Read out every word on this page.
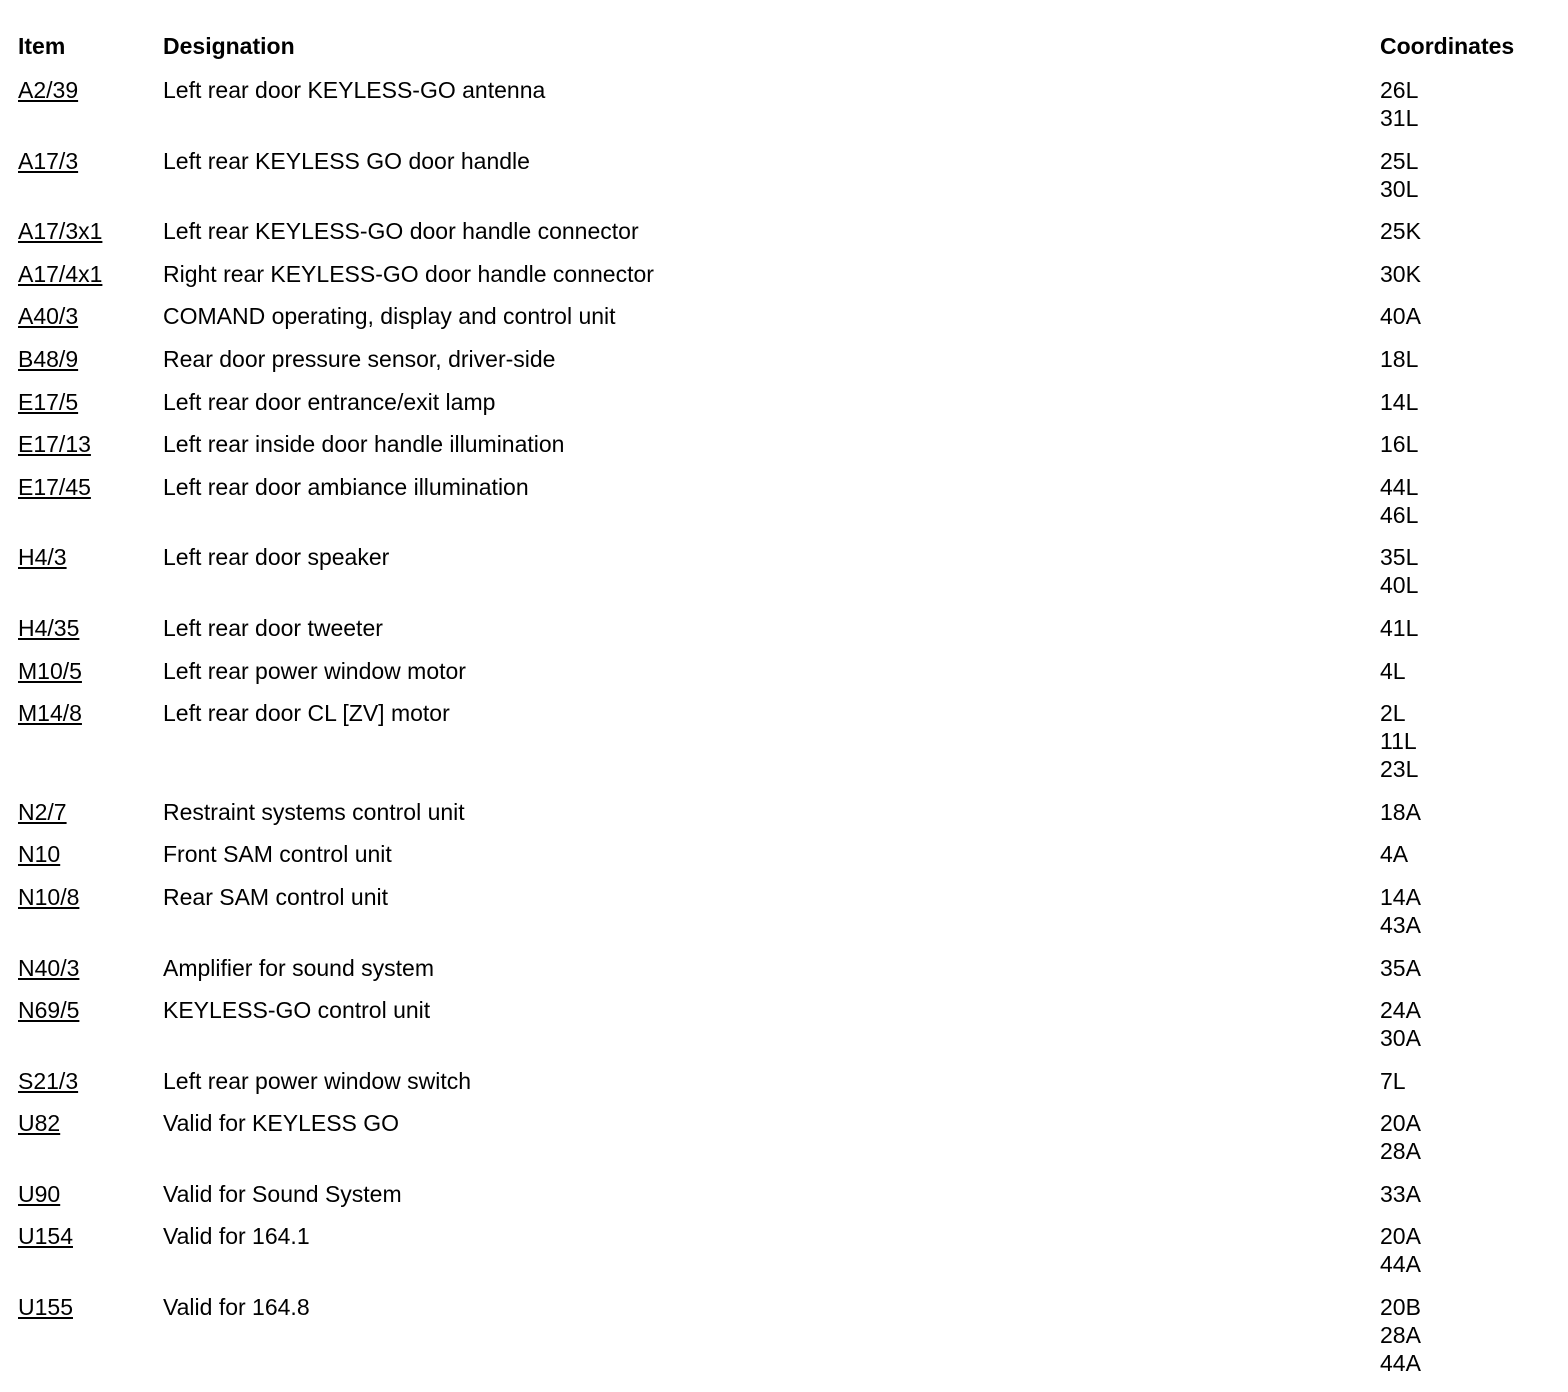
Item	Designation	Coordinates
A2/39	Left rear door KEYLESS-GO antenna	26L
31L
A17/3	Left rear KEYLESS GO door handle	25L
30L
A17/3x1	Left rear KEYLESS-GO door handle connector	25K
A17/4x1	Right rear KEYLESS-GO door handle connector	30K
A40/3	COMAND operating, display and control unit	40A
B48/9	Rear door pressure sensor, driver-side	18L
E17/5	Left rear door entrance/exit lamp	14L
E17/13	Left rear inside door handle illumination	16L
E17/45	Left rear door ambiance illumination	44L
46L
H4/3	Left rear door speaker	35L
40L
H4/35	Left rear door tweeter	41L
M10/5	Left rear power window motor	4L
M14/8	Left rear door CL [ZV] motor	2L
11L
23L
N2/7	Restraint systems control unit	18A
N10	Front SAM control unit	4A
N10/8	Rear SAM control unit	14A
43A
N40/3	Amplifier for sound system	35A
N69/5	KEYLESS-GO control unit	24A
30A
S21/3	Left rear power window switch	7L
U82	Valid for KEYLESS GO	20A
28A
U90	Valid for Sound System	33A
U154	Valid for 164.1	20A
44A
U155	Valid for 164.8	20B
28A
44A
